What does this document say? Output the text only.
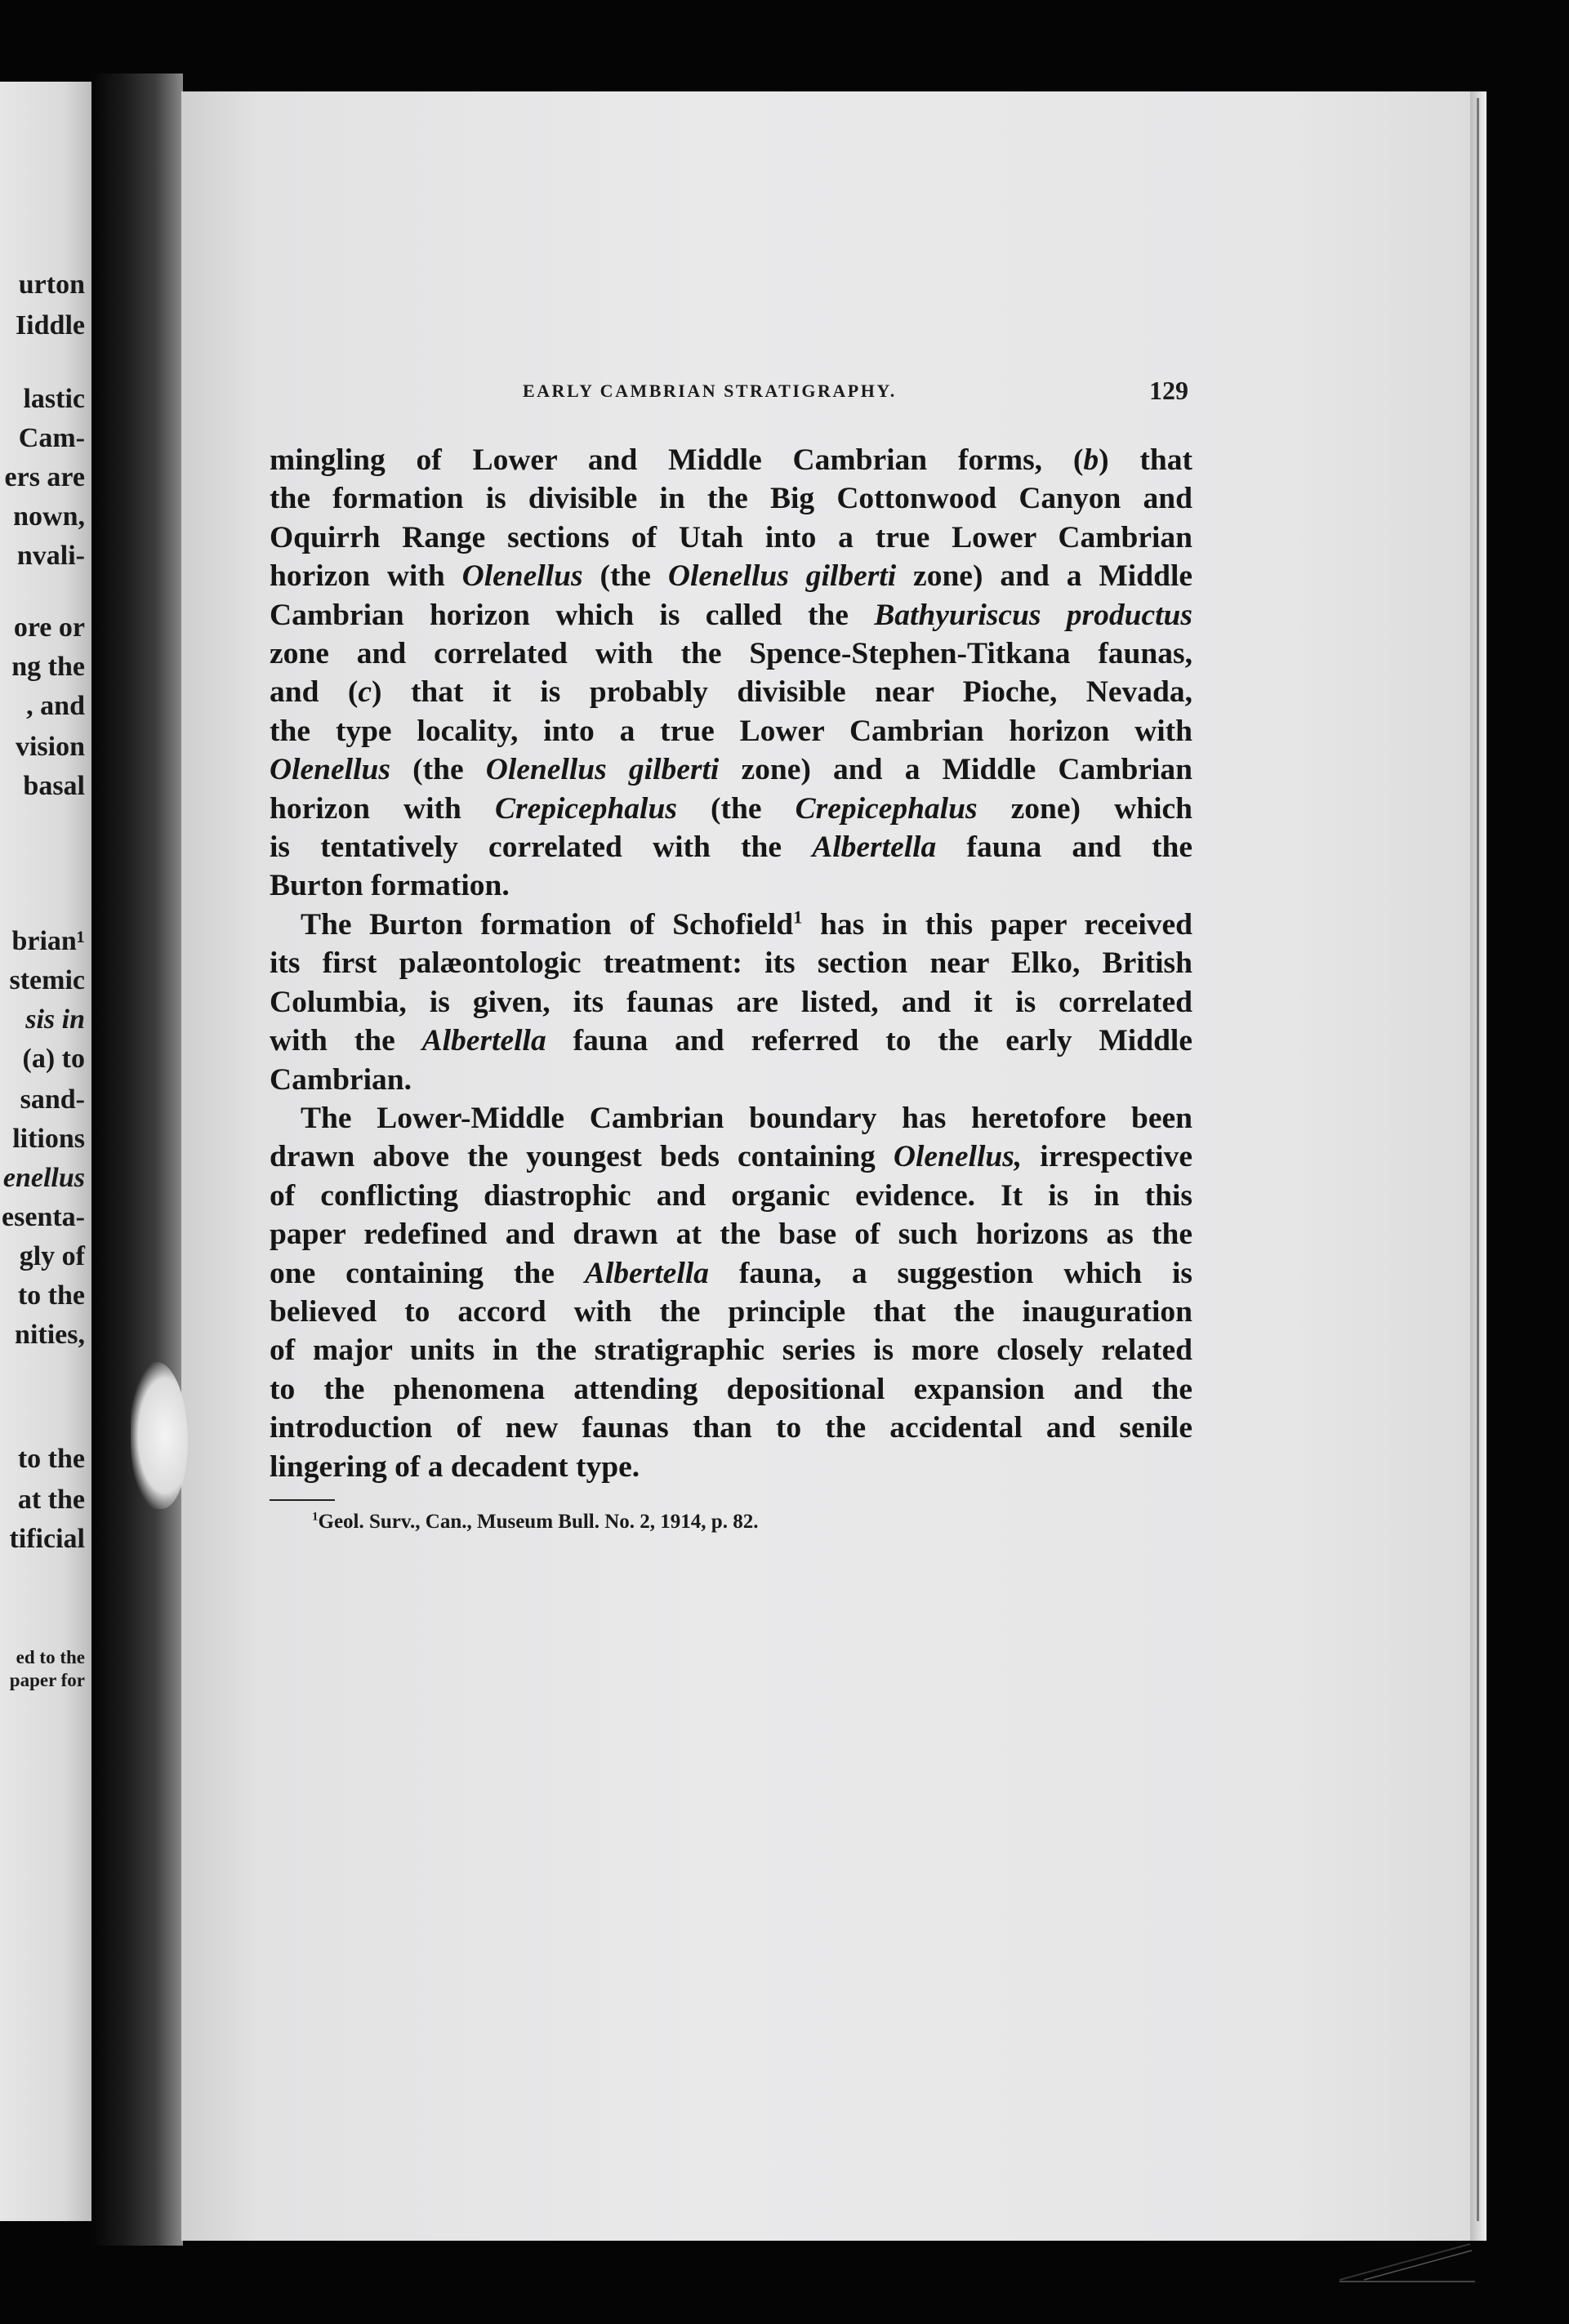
urton
Iiddle
lastic
Cam-
ers are
nown,
nvali-
ore or
ng the
, and
vision
basal
brian¹
stemic
sis in
(a) to
sand-
litions
enellus
esenta-
gly of
to the
nities,
to the
at the
tificial
ed to the
paper for
EARLY CAMBRIAN STRATIGRAPHY.	129
mingling of Lower and Middle Cambrian forms, (b) that
the formation is divisible in the Big Cottonwood Canyon and
Oquirrh Range sections of Utah into a true Lower Cambrian
horizon with Olenellus (the Olenellus gilberti zone) and a Middle
Cambrian horizon which is called the Bathyuriscus productus
zone and correlated with the Spence-Stephen-Titkana faunas,
and (c) that it is probably divisible near Pioche, Nevada,
the type locality, into a true Lower Cambrian horizon with
Olenellus (the Olenellus gilberti zone) and a Middle Cambrian
horizon with Crepicephalus (the Crepicephalus zone) which
is tentatively correlated with the Albertella fauna and the
Burton formation.
The Burton formation of Schofield$^1$ has in this paper received
its first palæontologic treatment: its section near Elko, British
Columbia, is given, its faunas are listed, and it is correlated
with the Albertella fauna and referred to the early Middle
Cambrian.
The Lower-Middle Cambrian boundary has heretofore been
drawn above the youngest beds containing Olenellus, irrespective
of conflicting diastrophic and organic evidence. It is in this
paper redefined and drawn at the base of such horizons as the
one containing the Albertella fauna, a suggestion which is
believed to accord with the principle that the inauguration
of major units in the stratigraphic series is more closely related
to the phenomena attending depositional expansion and the
introduction of new faunas than to the accidental and senile
lingering of a decadent type.
$^1$Geol. Surv., Can., Museum Bull. No. 2, 1914, p. 82.
